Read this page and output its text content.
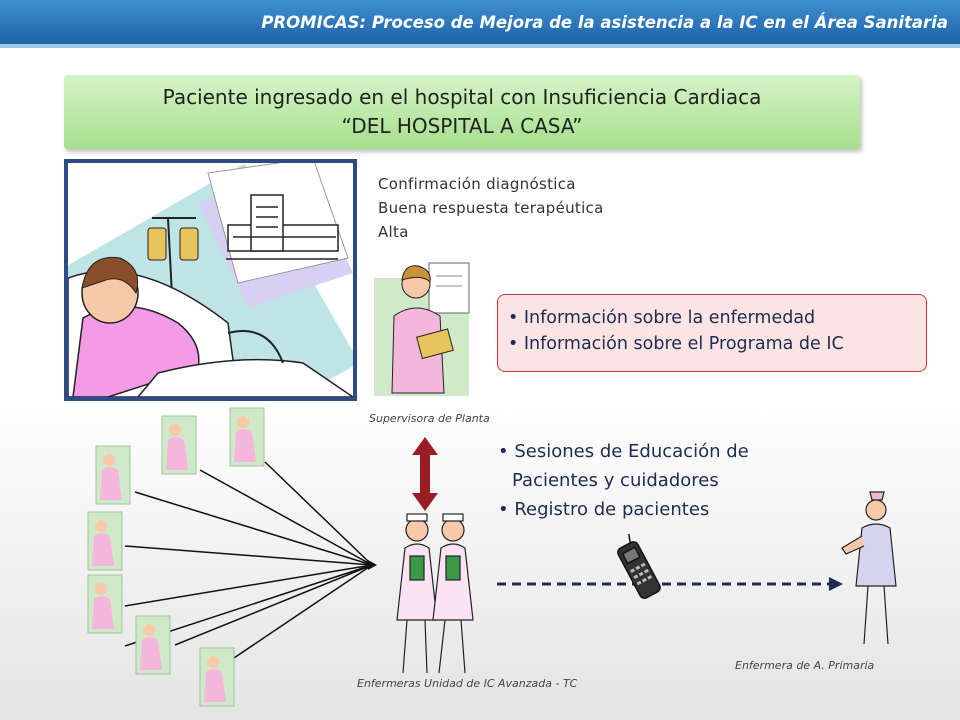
PROMICAS: Proceso de Mejora de la asistencia a la IC en el Área Sanitaria
Paciente ingresado en el hospital con Insuficiencia Cardiaca
“DEL HOSPITAL A CASA”
Confirmación diagnóstica
Buena respuesta terapéutica
Alta
Supervisora de Planta
• Información sobre la enfermedad
• Información sobre el Programa de IC
• Sesiones de Educación de
Pacientes y cuidadores
• Registro de pacientes
Enfermeras Unidad de IC Avanzada - TC
Enfermera de A. Primaria
